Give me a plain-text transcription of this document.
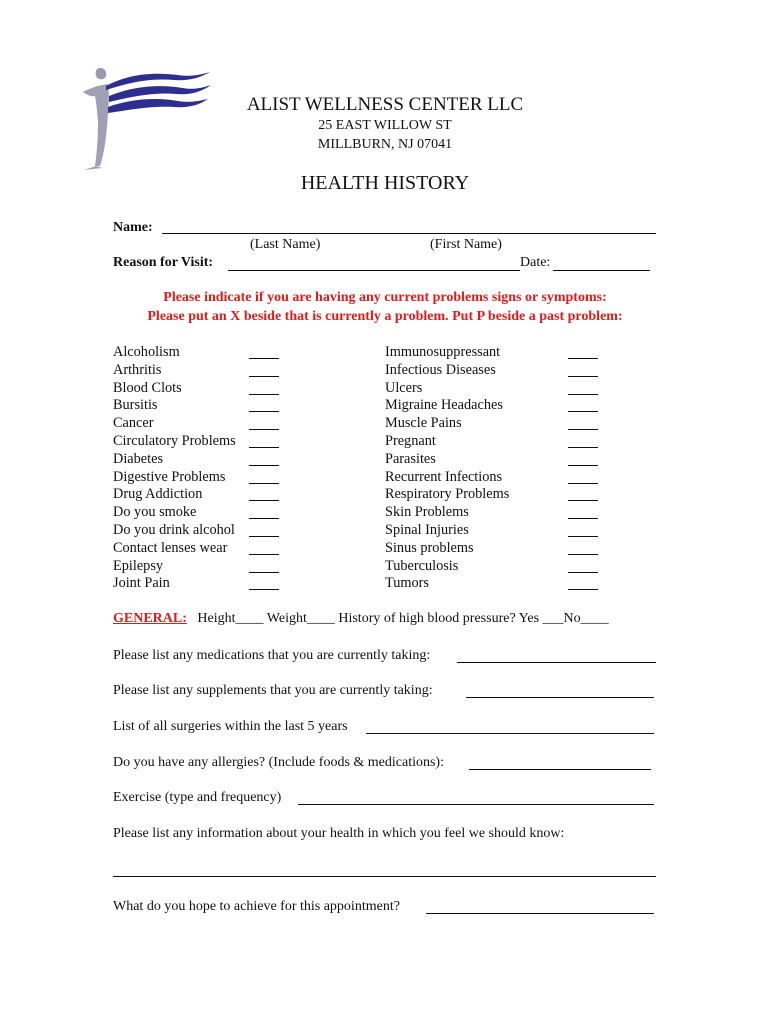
ALIST WELLNESS CENTER LLC
25 EAST WILLOW ST
MILLBURN, NJ 07041
HEALTH HISTORY
Name:
(Last Name)	(First Name)
Reason for Visit:	Date:
Please indicate if you are having any current problems signs or symptoms:
Please put an X beside that is currently a problem. Put P beside a past problem:
Alcoholism
Arthritis
Blood Clots
Bursitis
Cancer
Circulatory Problems
Diabetes
Digestive Problems
Drug Addiction
Do you smoke
Do you drink alcohol
Contact lenses wear
Epilepsy
Joint Pain
Immunosuppressant
Infectious Diseases
Ulcers
Migraine Headaches
Muscle Pains
Pregnant
Parasites
Recurrent Infections
Respiratory Problems
Skin Problems
Spinal Injuries
Sinus problems
Tuberculosis
Tumors
GENERAL: Height____ Weight____ History of high blood pressure? Yes ___No____
Please list any medications that you are currently taking:
Please list any supplements that you are currently taking:
List of all surgeries within the last 5 years
Do you have any allergies? (Include foods & medications):
Exercise (type and frequency)
Please list any information about your health in which you feel we should know:
What do you hope to achieve for this appointment?
